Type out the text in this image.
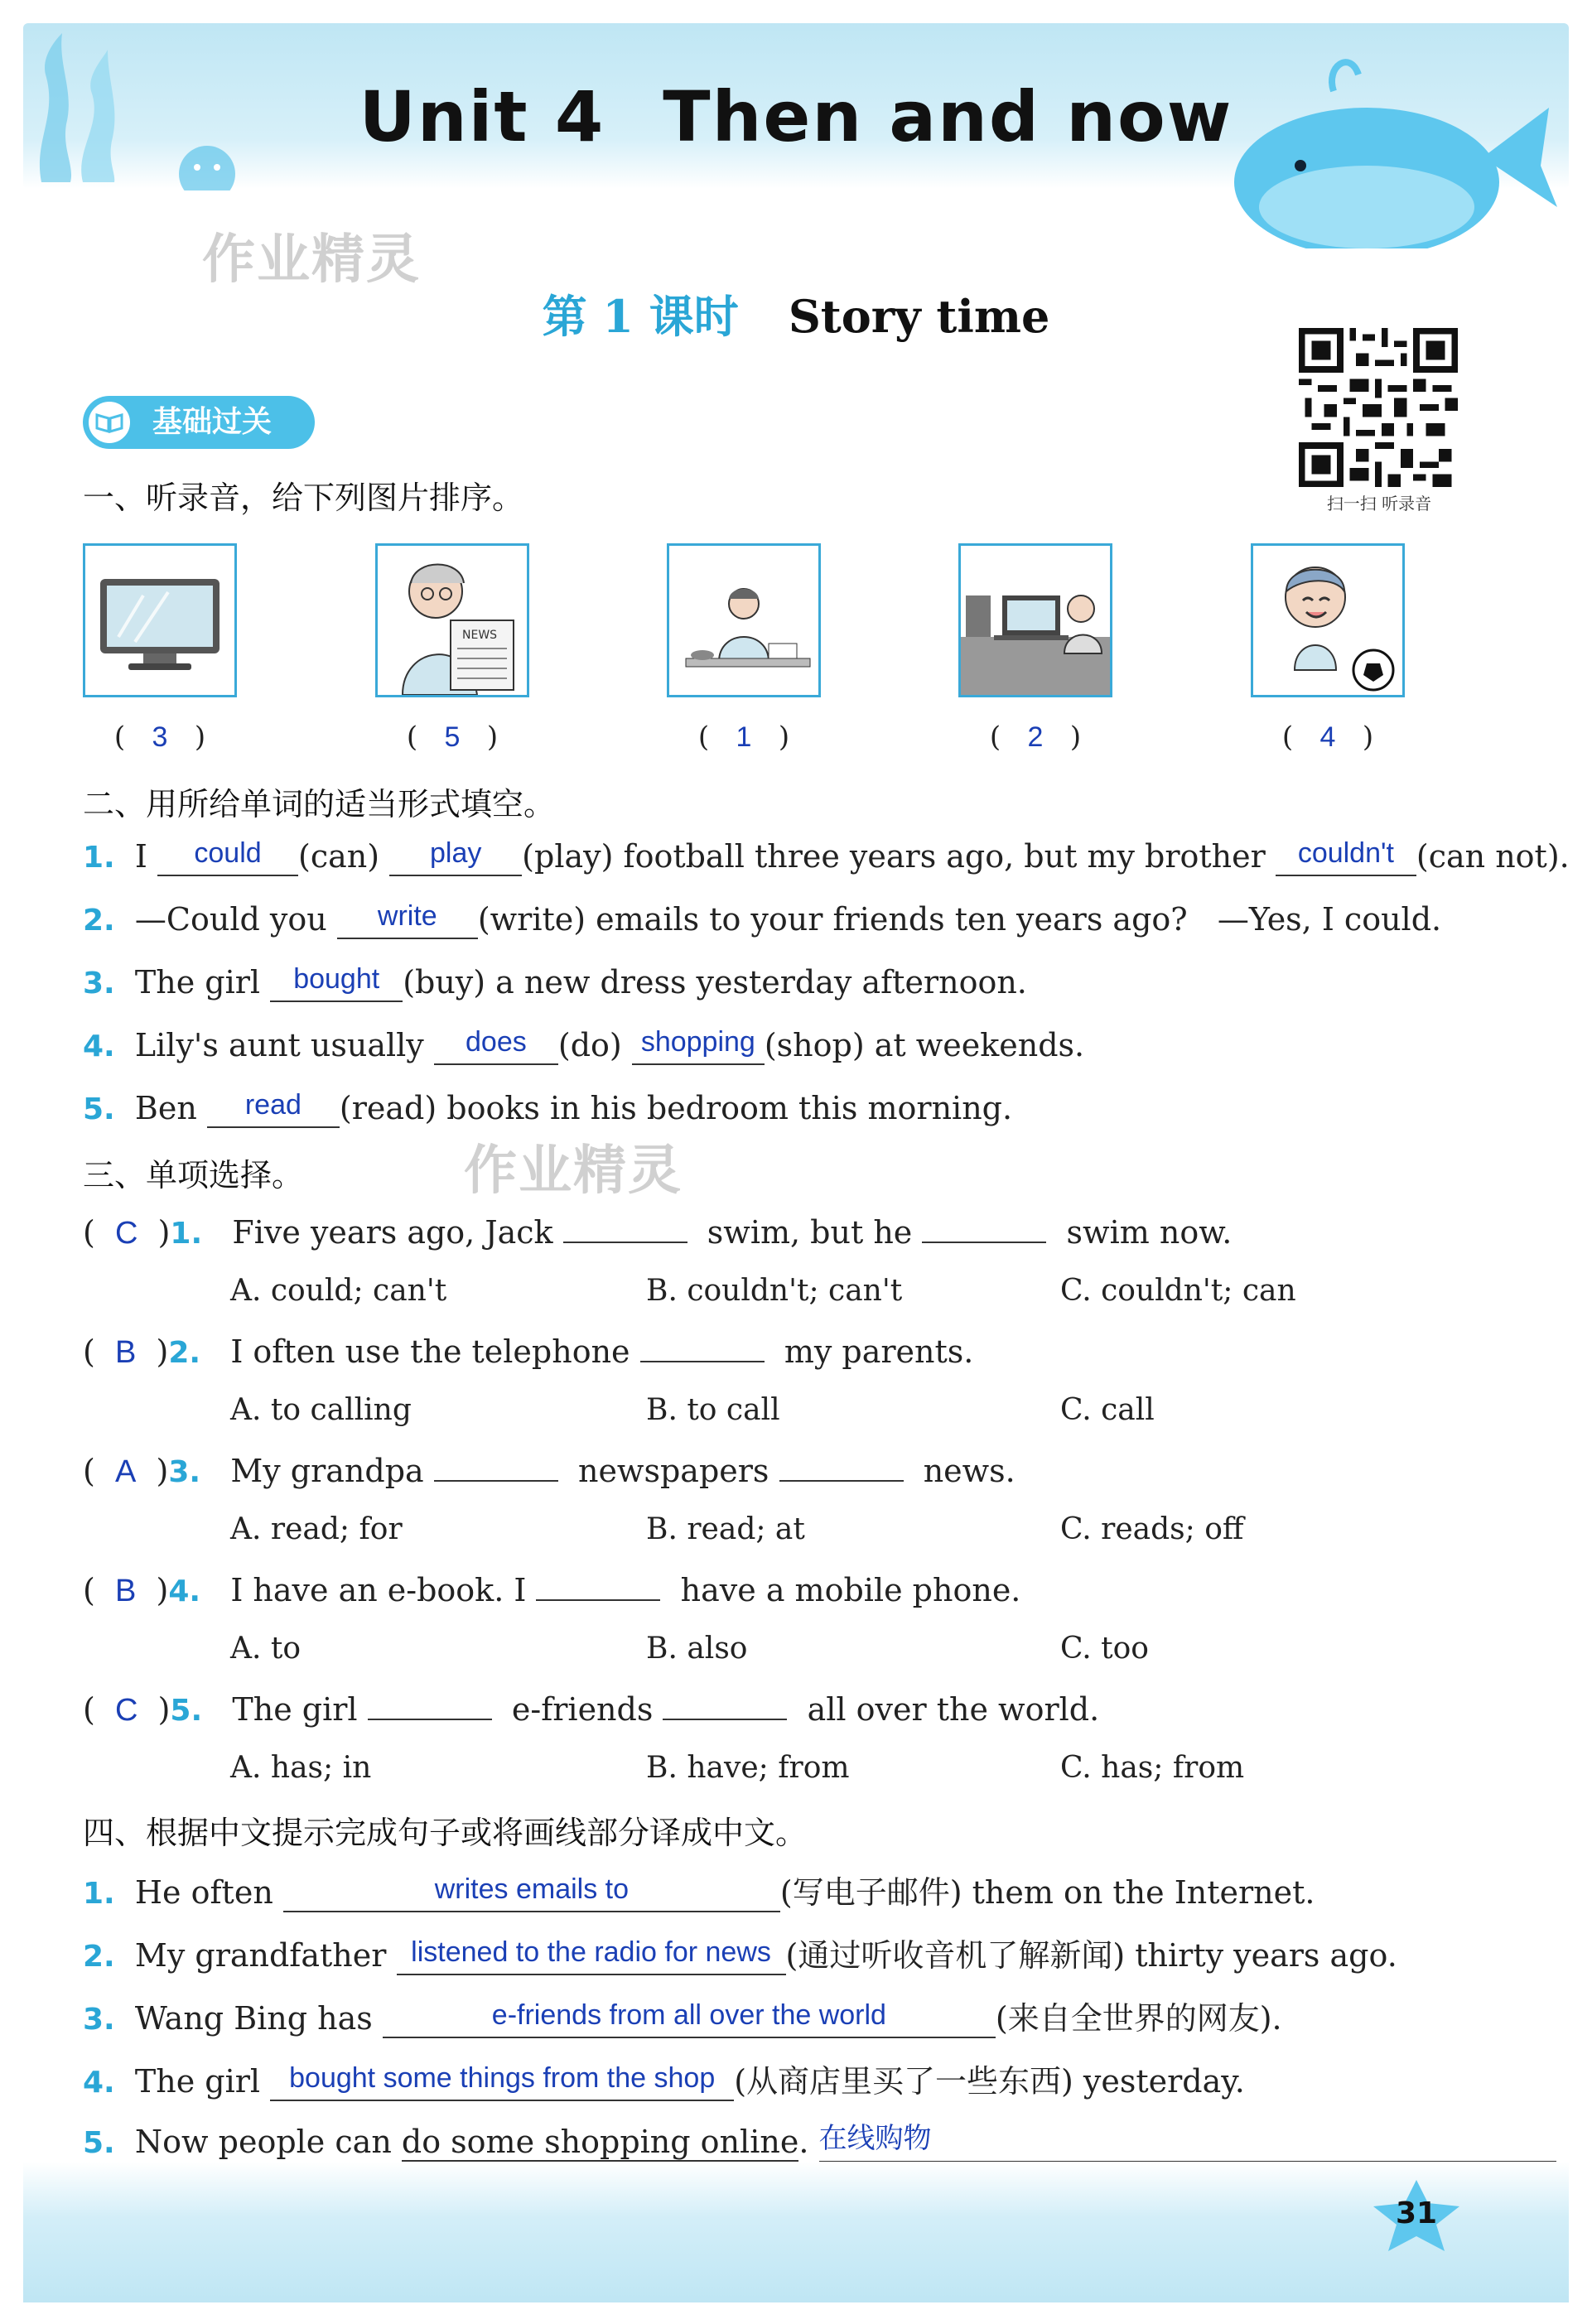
Unit 4 Then and now
作业精灵
作业精灵
第 1 课时 Story time
扫一扫 听录音
基础过关
一、听录音，给下列图片排序。
NEWS
(   3   )	(   5   )	(   1   )	(   2   )	(   4   )
二、用所给单词的适当形式填空。
1. I could (can) play (play) football three years ago, but my brother couldn't (can not).
2. —Could you write (write) emails to your friends ten years ago? —Yes, I could.
3. The girl bought (buy) a new dress yesterday afternoon.
4. Lily's aunt usually does (do) shopping (shop) at weekends.
5. Ben read (read) books in his bedroom this morning.
三、单项选择。
(  C  )1. Five years ago, Jack	swim, but he	swim now.
A. could; can't	B. couldn't; can't	C. couldn't; can
(  B  )2. I often use the telephone	my parents.
A. to calling	B. to call	C. call
(  A  )3. My grandpa	newspapers	news.
A. read; for	B. read; at	C. reads; off
(  B  )4. I have an e-book. I	have a mobile phone.
A. to	B. also	C. too
(  C  )5. The girl	e-friends	all over the world.
A. has; in	B. have; from	C. has; from
四、根据中文提示完成句子或将画线部分译成中文。
1. He often	writes emails to	(写电子邮件) them on the Internet.
2. My grandfather listened to the radio for news (通过听收音机了解新闻) thirty years ago.
3. Wang Bing has	e-friends from all over the world	(来自全世界的网友).
4. The girl bought some things from the shop (从商店里买了一些东西) yesterday.
5. Now people can do some shopping online. 在线购物
31
